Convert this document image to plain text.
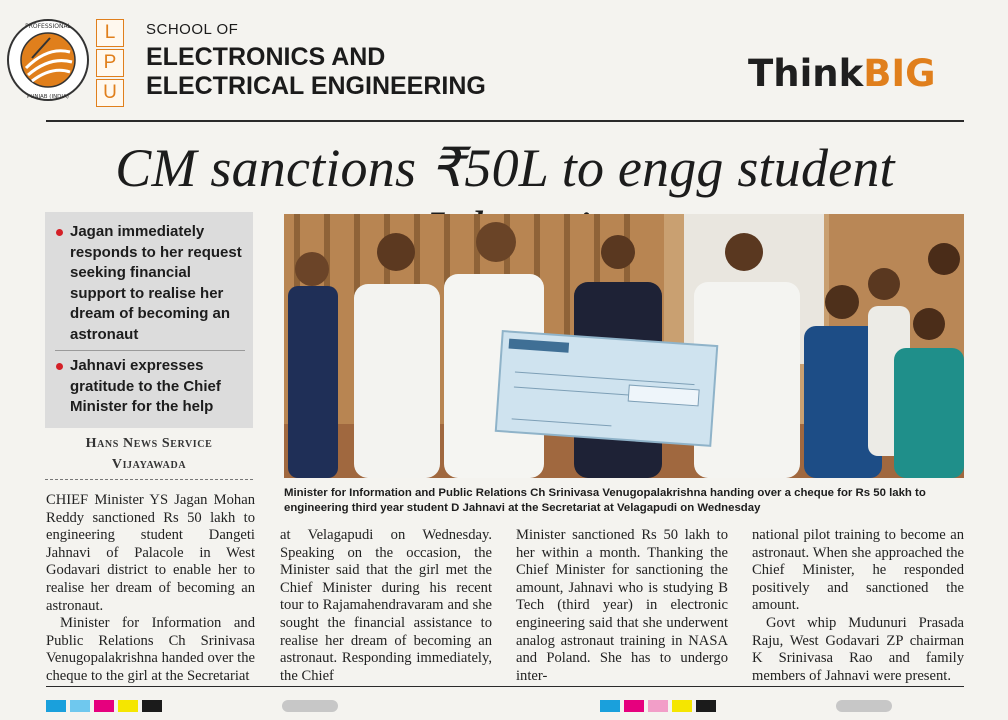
PROFESSIONAL
PUNJAB (INDIA)
L
P
U
SCHOOL OF
ELECTRONICS AND
ELECTRICAL ENGINEERING	ThinkBIG
CM sanctions ₹50L to engg student
Jagan immediately responds to her request seeking financial support to realise her dream of becoming an astronaut
Jahnavi expresses gratitude to the Chief Minister for the help
Hans News Service
Vijayawada
Minister for Information and Public Relations Ch Srinivasa Venugopalakrishna handing over a cheque for Rs 50 lakh to engineering third year student D Jahnavi at the Secretariat at Velagapudi on Wednesday

CHIEF Minister YS Jagan Mohan Reddy sanctioned Rs 50 lakh to engineering student Dangeti Jahnavi of Palacole in West Godavari district to enable her to realise her dream of becoming an astronaut.

Minister for Information and Public Relations Ch Srinivasa Venugopalakrishna handed over the cheque to the girl at the Secretariat

at Velagapudi on Wednesday. Speaking on the occasion, the Minister said that the girl met the Chief Minister during his recent tour to Rajamahendravaram and she sought the financial assistance to realise her dream of becoming an astronaut. Responding immediately, the Chief

Minister sanctioned Rs 50 lakh to her within a month. Thanking the Chief Minister for sanctioning the amount, Jahnavi who is studying B Tech (third year) in electronic engineering said that she underwent analog astronaut training in NASA and Poland. She has to undergo inter-

national pilot training to become an astronaut. When she approached the Chief Minister, he responded positively and sanctioned the amount.

Govt whip Mudunuri Prasada Raju, West Godavari ZP chairman K Srinivasa Rao and family members of Jahnavi were present.
